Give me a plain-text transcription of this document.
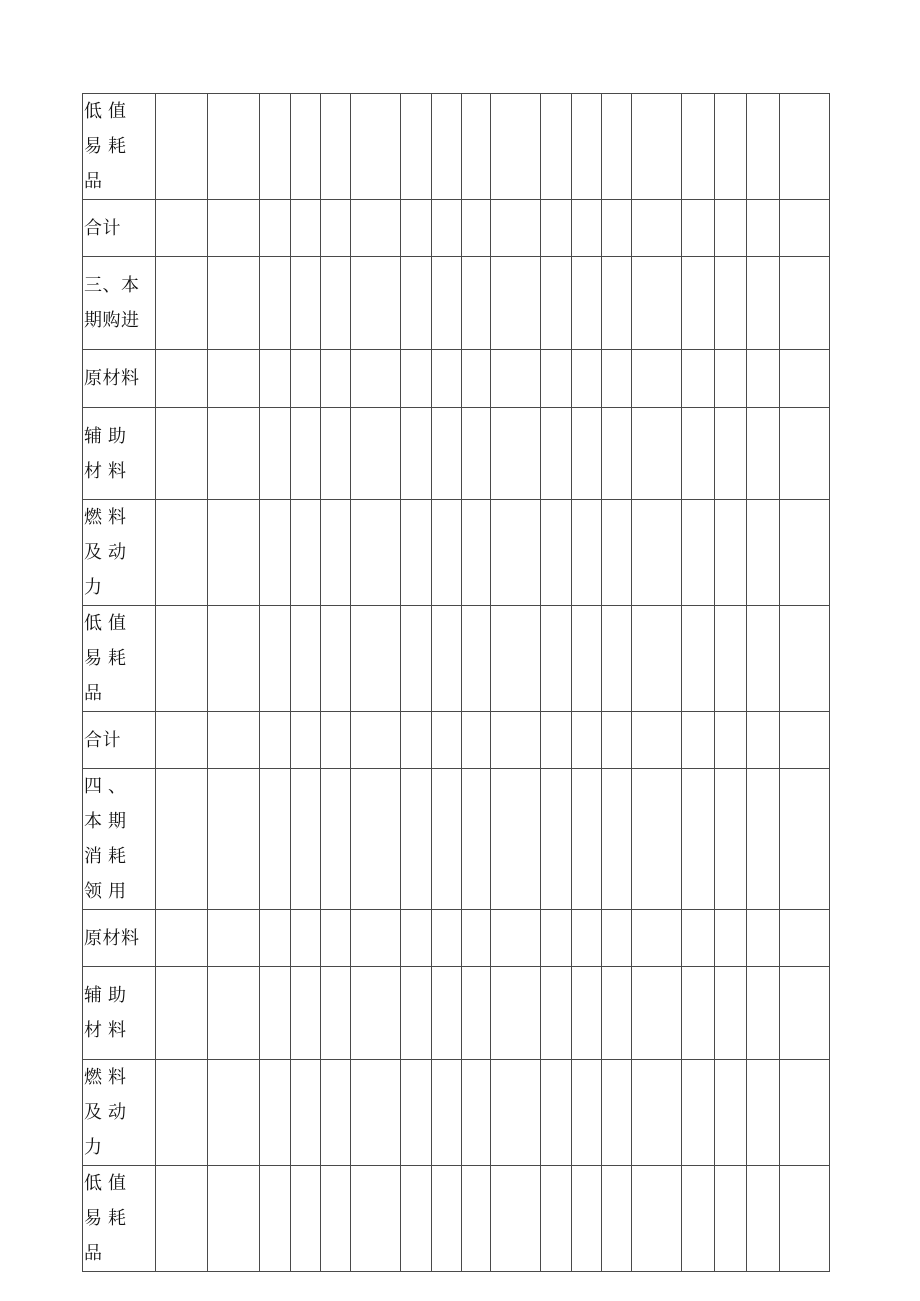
低值易耗品																		

合计																		

三、本期购进																		

原材料																		

辅助材料																		

燃料及动力																		

低值易耗品																		

合计																		

四、本期消耗领用																		

原材料																		

辅助材料																		

燃料及动力																		

低值易耗品																		
